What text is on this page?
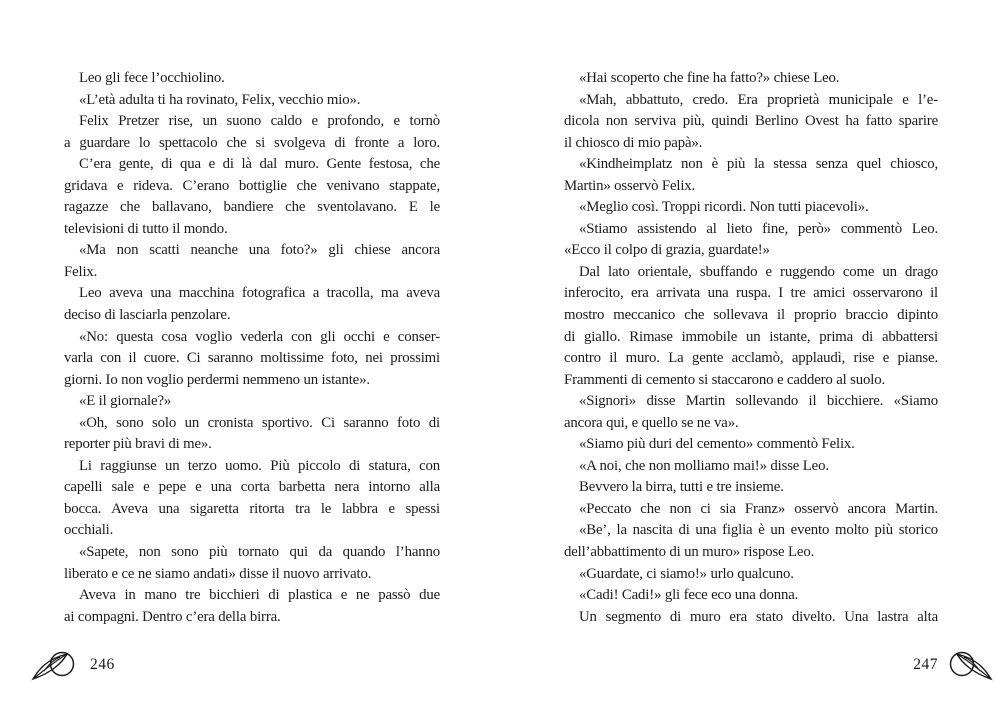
Leo gli fece l’occhiolino.
«L’età adulta ti ha rovinato, Felix, vecchio mio».
Felix Pretzer rise, un suono caldo e profondo, e tornò
a guardare lo spettacolo che si svolgeva di fronte a loro.
C’era gente, di qua e di là dal muro. Gente festosa, che
gridava e rideva. C’erano bottiglie che venivano stappate,
ragazze che ballavano, bandiere che sventolavano. E le
televisioni di tutto il mondo.
«Ma non scatti neanche una foto?» gli chiese ancora
Felix.
Leo aveva una macchina fotografica a tracolla, ma aveva
deciso di lasciarla penzolare.
«No: questa cosa voglio vederla con gli occhi e conser-
varla con il cuore. Ci saranno moltissime foto, nei prossimi
giorni. Io non voglio perdermi nemmeno un istante».
«E il giornale?»
«Oh, sono solo un cronista sportivo. Ci saranno foto di
reporter più bravi di me».
Li raggiunse un terzo uomo. Più piccolo di statura, con
capelli sale e pepe e una corta barbetta nera intorno alla
bocca. Aveva una sigaretta ritorta tra le labbra e spessi
occhiali.
«Sapete, non sono più tornato qui da quando l’hanno
liberato e ce ne siamo andati» disse il nuovo arrivato.
Aveva in mano tre bicchieri di plastica e ne passò due
ai compagni. Dentro c’era della birra.
«Hai scoperto che fine ha fatto?» chiese Leo.
«Mah, abbattuto, credo. Era proprietà municipale e l’e-
dicola non serviva più, quindi Berlino Ovest ha fatto sparire
il chiosco di mio papà».
«Kindheimplatz non è più la stessa senza quel chiosco,
Martin» osservò Felix.
«Meglio così. Troppi ricordi. Non tutti piacevoli».
«Stiamo assistendo al lieto fine, però» commentò Leo.
«Ecco il colpo di grazia, guardate!»
Dal lato orientale, sbuffando e ruggendo come un drago
inferocito, era arrivata una ruspa. I tre amici osservarono il
mostro meccanico che sollevava il proprio braccio dipinto
di giallo. Rimase immobile un istante, prima di abbattersi
contro il muro. La gente acclamò, applaudì, rise e pianse.
Frammenti di cemento si staccarono e caddero al suolo.
«Signori» disse Martin sollevando il bicchiere. «Siamo
ancora qui, e quello se ne va».
«Siamo più duri del cemento» commentò Felix.
«A noi, che non molliamo mai!» disse Leo.
Bevvero la birra, tutti e tre insieme.
«Peccato che non ci sia Franz» osservò ancora Martin.
«Be’, la nascita di una figlia è un evento molto più storico
dell’abbattimento di un muro» rispose Leo.
«Guardate, ci siamo!» urlo qualcuno.
«Cadi! Cadi!» gli fece eco una donna.
Un segmento di muro era stato divelto. Una lastra alta
246	247
